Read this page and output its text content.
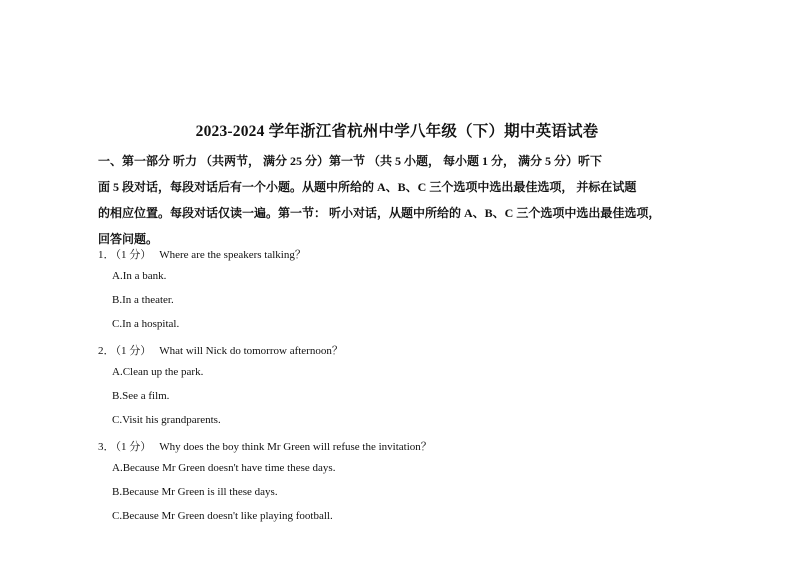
2023-2024 学年浙江省杭州中学八年级（下）期中英语试卷
一、第一部分 听力 （共两节， 满分 25 分）第一节 （共 5 小题， 每小题 1 分， 满分 5 分）听下
面 5 段对话，每段对话后有一个小题。从题中所给的 A、B、C 三个选项中选出最佳选项， 并标在试题
的相应位置。每段对话仅读一遍。第一节： 听小对话，从题中所给的 A、B、C 三个选项中选出最佳选项，
回答问题。
1．（1 分） Where are the speakers talking？
A.In a bank.
B.In a theater.
C.In a hospital.
2．（1 分） What will Nick do tomorrow afternoon？
A.Clean up the park.
B.See a film.
C.Visit his grandparents.
3．（1 分） Why does the boy think Mr Green will refuse the invitation？
A.Because Mr Green doesn't have time these days.
B.Because Mr Green is ill these days.
C.Because Mr Green doesn't like playing football.
